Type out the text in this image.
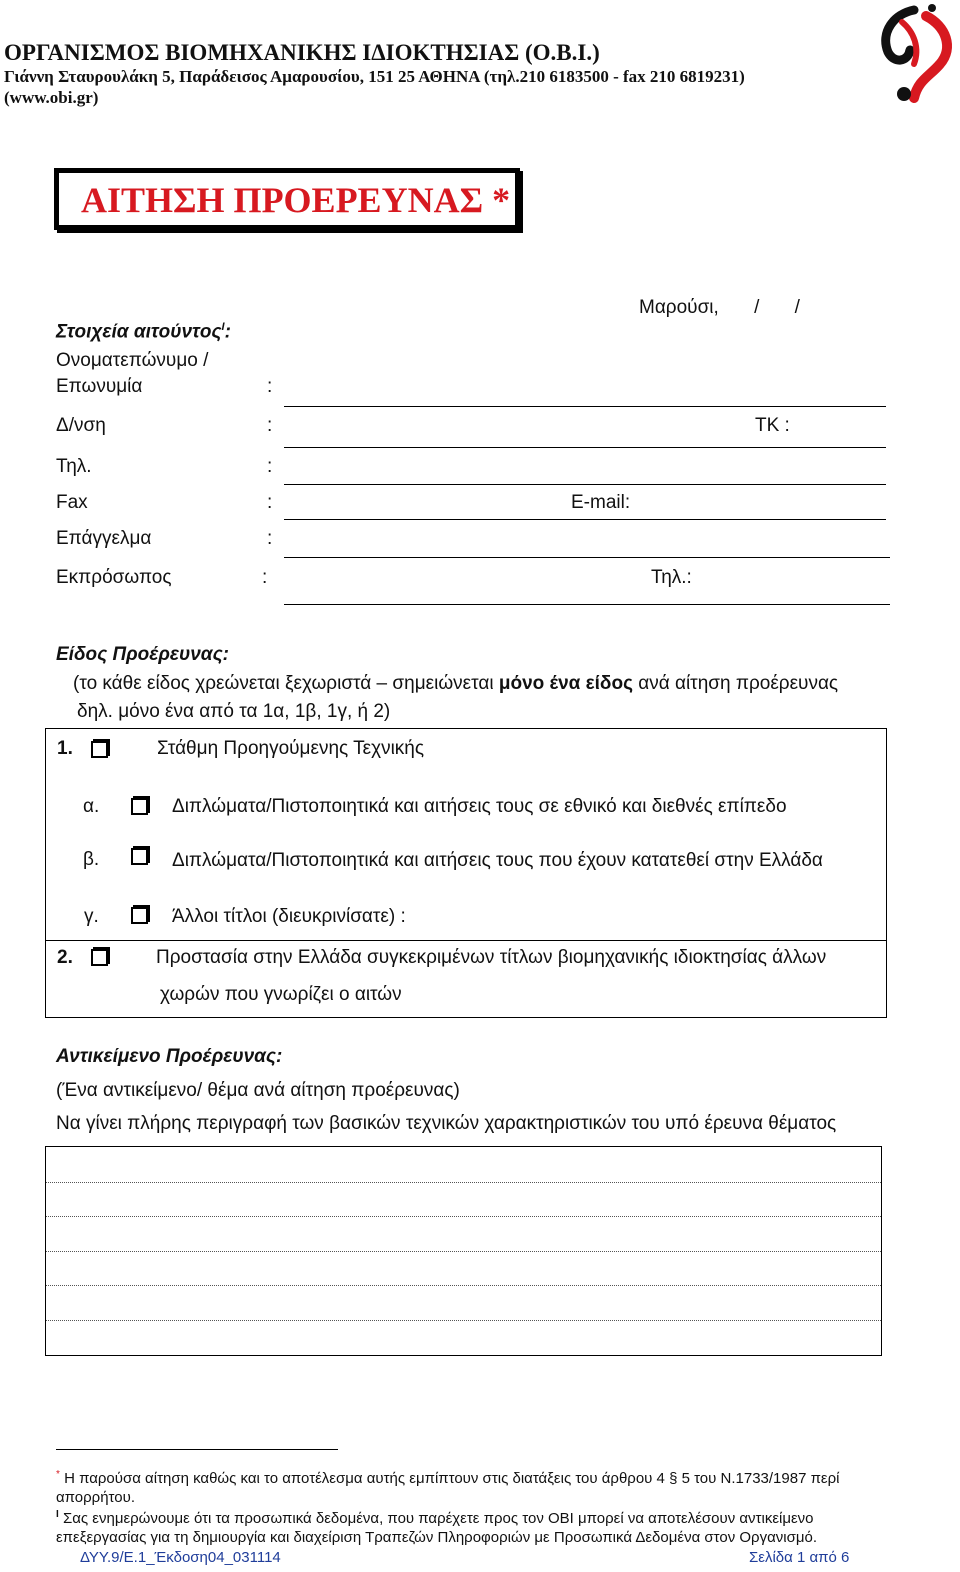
ΟΡΓΑΝΙΣΜΟΣ ΒΙΟΜΗΧΑΝΙΚΗΣ ΙΔΙΟΚΤΗΣΙΑΣ (Ο.Β.Ι.)
Γιάννη Σταυρουλάκη 5, Παράδεισος Αμαρουσίου, 151 25 ΑΘΗΝΑ (τηλ.210 6183500 - fax 210 6819231)
(www.obi.gr)
ΑΙΤΗΣΗ ΠΡΟΕΡΕΥΝΑΣ *
Μαρούσι, / /
Στοιχεία αιτούντος$^I$:
Ονοματεπώνυμο /
Επωνυμία	:
Δ/νση	:	ΤΚ :
Τηλ.	:
Fax	:	E-mail:
Επάγγελμα	:
Εκπρόσωπος	:	Τηλ.:
Είδος Προέρευνας:
(το κάθε είδος χρεώνεται ξεχωριστά – σημειώνεται μόνο ένα είδος ανά αίτηση προέρευνας
δηλ. μόνο ένα από τα 1α, 1β, 1γ, ή 2)
1.	Στάθμη Προηγούμενης Τεχνικής
α.	Διπλώματα/Πιστοποιητικά και αιτήσεις τους σε εθνικό και διεθνές επίπεδο
β.	Διπλώματα/Πιστοποιητικά και αιτήσεις τους που έχουν κατατεθεί στην Ελλάδα
γ.	Άλλοι τίτλοι (διευκρινίσατε) :
2.	Προστασία στην Ελλάδα συγκεκριμένων τίτλων βιομηχανικής ιδιοκτησίας άλλων
χωρών που γνωρίζει ο αιτών
Αντικείμενο Προέρευνας:
(Ένα αντικείμενο/ θέμα ανά αίτηση προέρευνας)
Να γίνει πλήρης περιγραφή των βασικών τεχνικών χαρακτηριστικών του υπό έρευνα θέματος
* Η παρούσα αίτηση καθώς και το αποτέλεσμα αυτής εμπίπτουν στις διατάξεις του άρθρου 4 § 5 του Ν.1733/1987 περί απορρήτου.
$^I$ Σας ενημερώνουμε ότι τα προσωπικά δεδομένα, που παρέχετε προς τον ΟΒΙ μπορεί να αποτελέσουν αντικείμενο επεξεργασίας για τη δημιουργία και διαχείριση Τραπεζών Πληροφοριών με Προσωπικά Δεδομένα στον Οργανισμό.
ΔΥΥ.9/Ε.1_Έκδοση04_031114	Σελίδα 1 από 6
